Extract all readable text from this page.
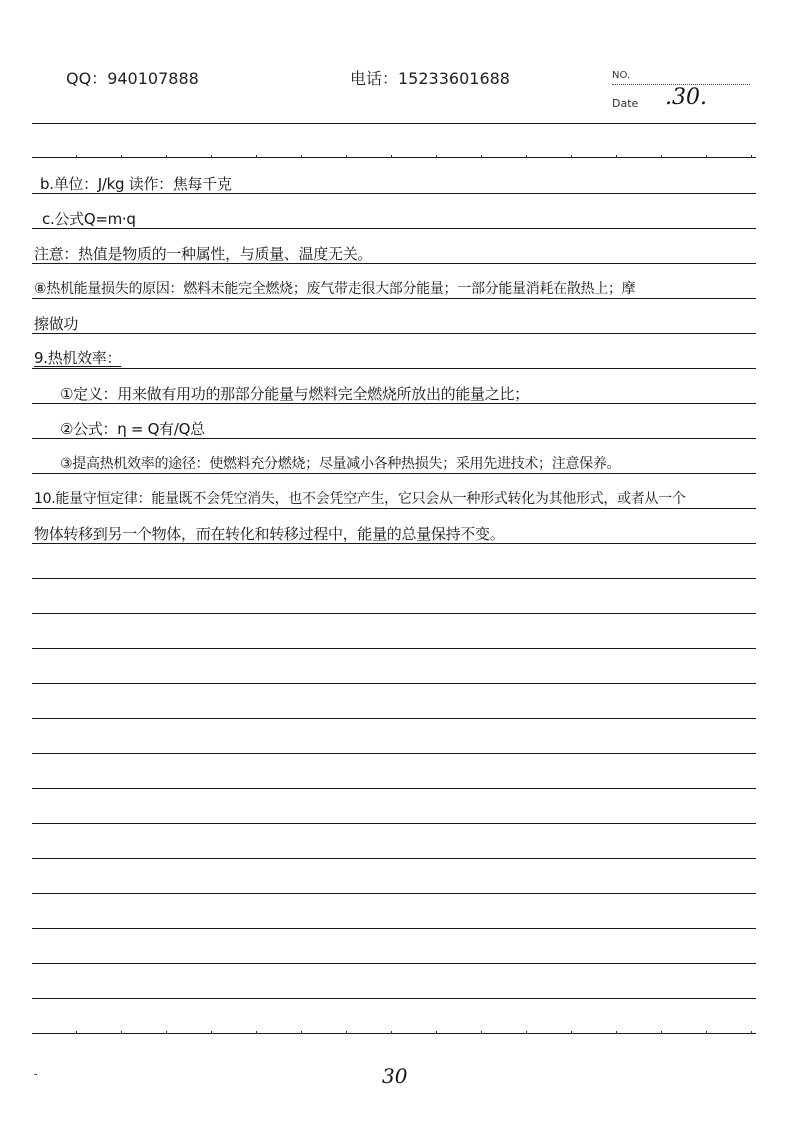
QQ：940107888	电话：15233601688	NO.
Date .30.
b.单位：J/kg 读作：焦每千克
c.公式Q=m·q
注意：热值是物质的一种属性，与质量、温度无关。
⑧热机能量损失的原因：燃料未能完全燃烧；废气带走很大部分能量；一部分能量消耗在散热上；摩
擦做功
9.热机效率：
①定义：用来做有用功的那部分能量与燃料完全燃烧所放出的能量之比；
②公式：η = Q有/Q总
③提高热机效率的途径：使燃料充分燃烧；尽量减小各种热损失；采用先进技术；注意保养。
10.能量守恒定律：能量既不会凭空消失，也不会凭空产生，它只会从一种形式转化为其他形式，或者从一个
物体转移到另一个物体，而在转化和转移过程中，能量的总量保持不变。
30
